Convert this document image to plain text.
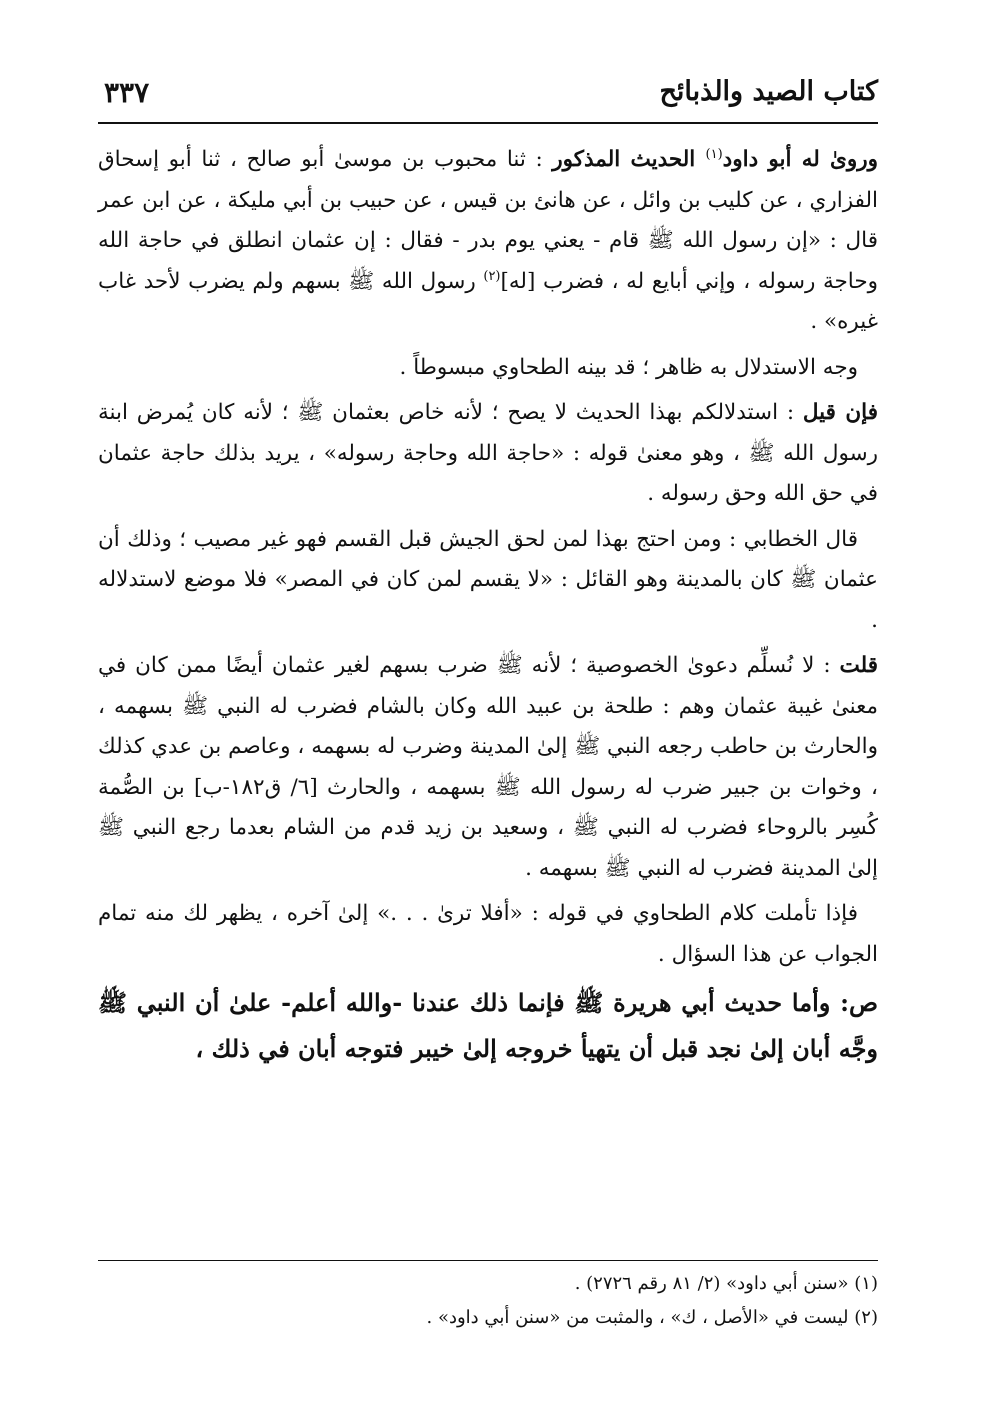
كتاب الصيد والذبائح
٣٣٧

وروىٰ له أبو داود$^{(١)}$ الحديث المذكور : ثنا محبوب بن موسىٰ أبو صالح ، ثنا أبو إسحاق الفزاري ، عن كليب بن وائل ، عن هانئ بن قيس ، عن حبيب بن أبي مليكة ، عن ابن عمر قال : «إن رسول الله ﷺ قام - يعني يوم بدر - فقال : إن عثمان انطلق في حاجة الله وحاجة رسوله ، وإني أبايع له ، فضرب [له]$^{(٢)}$ رسول الله ﷺ بسهم ولم يضرب لأحد غاب غيره» .

وجه الاستدلال به ظاهر ؛ قد بينه الطحاوي مبسوطاً .

فإن قيل : استدلالكم بهذا الحديث لا يصح ؛ لأنه خاص بعثمان ﷺ ؛ لأنه كان يُمرض ابنة رسول الله ﷺ ، وهو معنىٰ قوله : «حاجة الله وحاجة رسوله» ، يريد بذلك حاجة عثمان في حق الله وحق رسوله .

قال الخطابي : ومن احتج بهذا لمن لحق الجيش قبل القسم فهو غير مصيب ؛ وذلك أن عثمان ﷺ كان بالمدينة وهو القائل : «لا يقسم لمن كان في المصر» فلا موضع لاستدلاله .

قلت : لا نُسلِّم دعوىٰ الخصوصية ؛ لأنه ﷺ ضرب بسهم لغير عثمان أيضًا ممن كان في معنىٰ غيبة عثمان وهم : طلحة بن عبيد الله وكان بالشام فضرب له النبي ﷺ بسهمه ، والحارث بن حاطب رجعه النبي ﷺ إلىٰ المدينة وضرب له بسهمه ، وعاصم بن عدي كذلك ، وخوات بن جبير ضرب له رسول الله ﷺ بسهمه ، والحارث [٦/ ق١٨٢-ب] بن الصُّمة كُسِر بالروحاء فضرب له النبي ﷺ ، وسعيد بن زيد قدم من الشام بعدما رجع النبي ﷺ إلىٰ المدينة فضرب له النبي ﷺ بسهمه .

فإذا تأملت كلام الطحاوي في قوله : «أفلا ترىٰ . . .» إلىٰ آخره ، يظهر لك منه تمام الجواب عن هذا السؤال .

ص: وأما حديث أبي هريرة ﷺ فإنما ذلك عندنا -والله أعلم- علىٰ أن النبي ﷺ وجَّه أبان إلىٰ نجد قبل أن يتهيأ خروجه إلىٰ خيبر فتوجه أبان في ذلك ،

(١) «سنن أبي داود» (٢/ ٨١ رقم ٢٧٢٦) .
(٢) ليست في «الأصل ، ك» ، والمثبت من «سنن أبي داود» .
